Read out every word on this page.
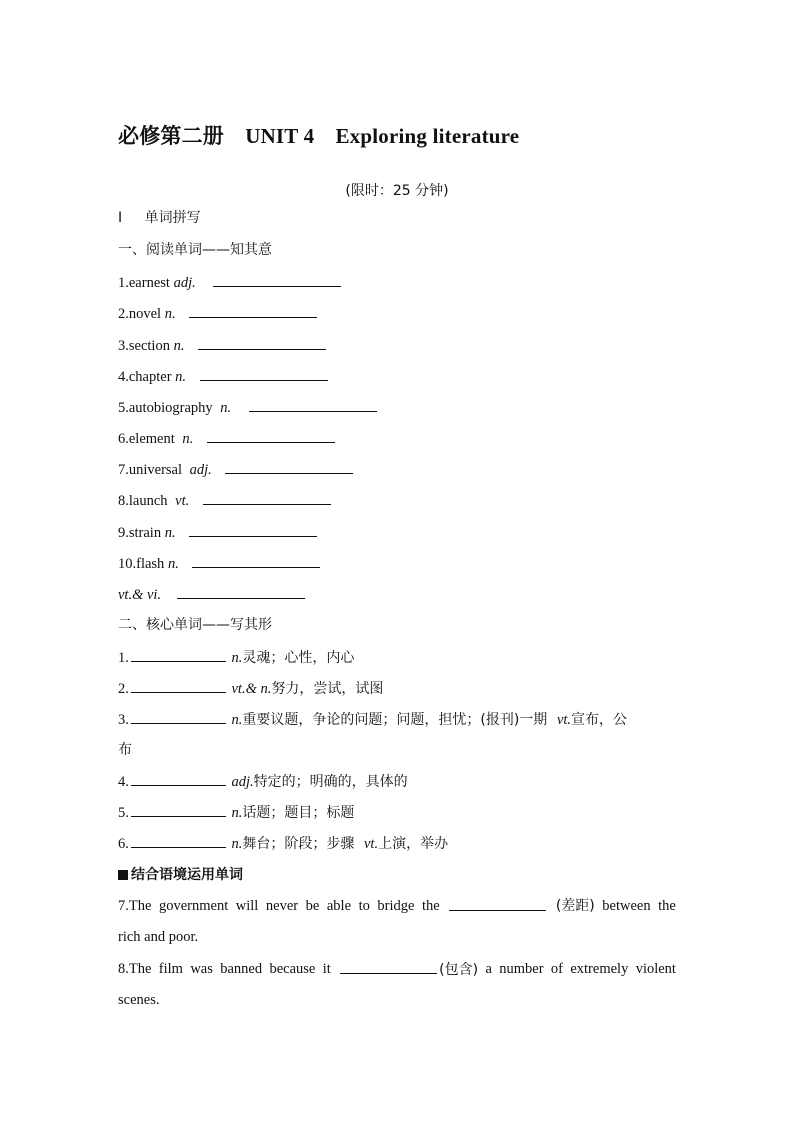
必修第二册　UNIT 4　Exploring literature
(限时：25 分钟)
Ⅰ 单词拼写
一、阅读单词——知其意
1.earnest adj.
2.novel n.
3.section n.
4.chapter n.
5.autobiography n.
6.element n.
7.universal adj.
8.launch vt.
9.strain n.
10.flash n.
vt.& vi.
二、核心单词——写其形
1.	n.灵魂；心性，内心
2.	vt.& n.努力，尝试，试图
3.	n.重要议题，争论的问题；问题，担忧；(报刊)一期 vt.宣布，公
布
4.	adj.特定的；明确的，具体的
5.	n.话题；题目；标题
6.	n.舞台；阶段；步骤 vt.上演，举办
结合语境运用单词
7.The government will never be able to bridge the	(差距) between the
rich and poor.
8.The film was banned because it	(包含) a number of extremely violent
scenes.
